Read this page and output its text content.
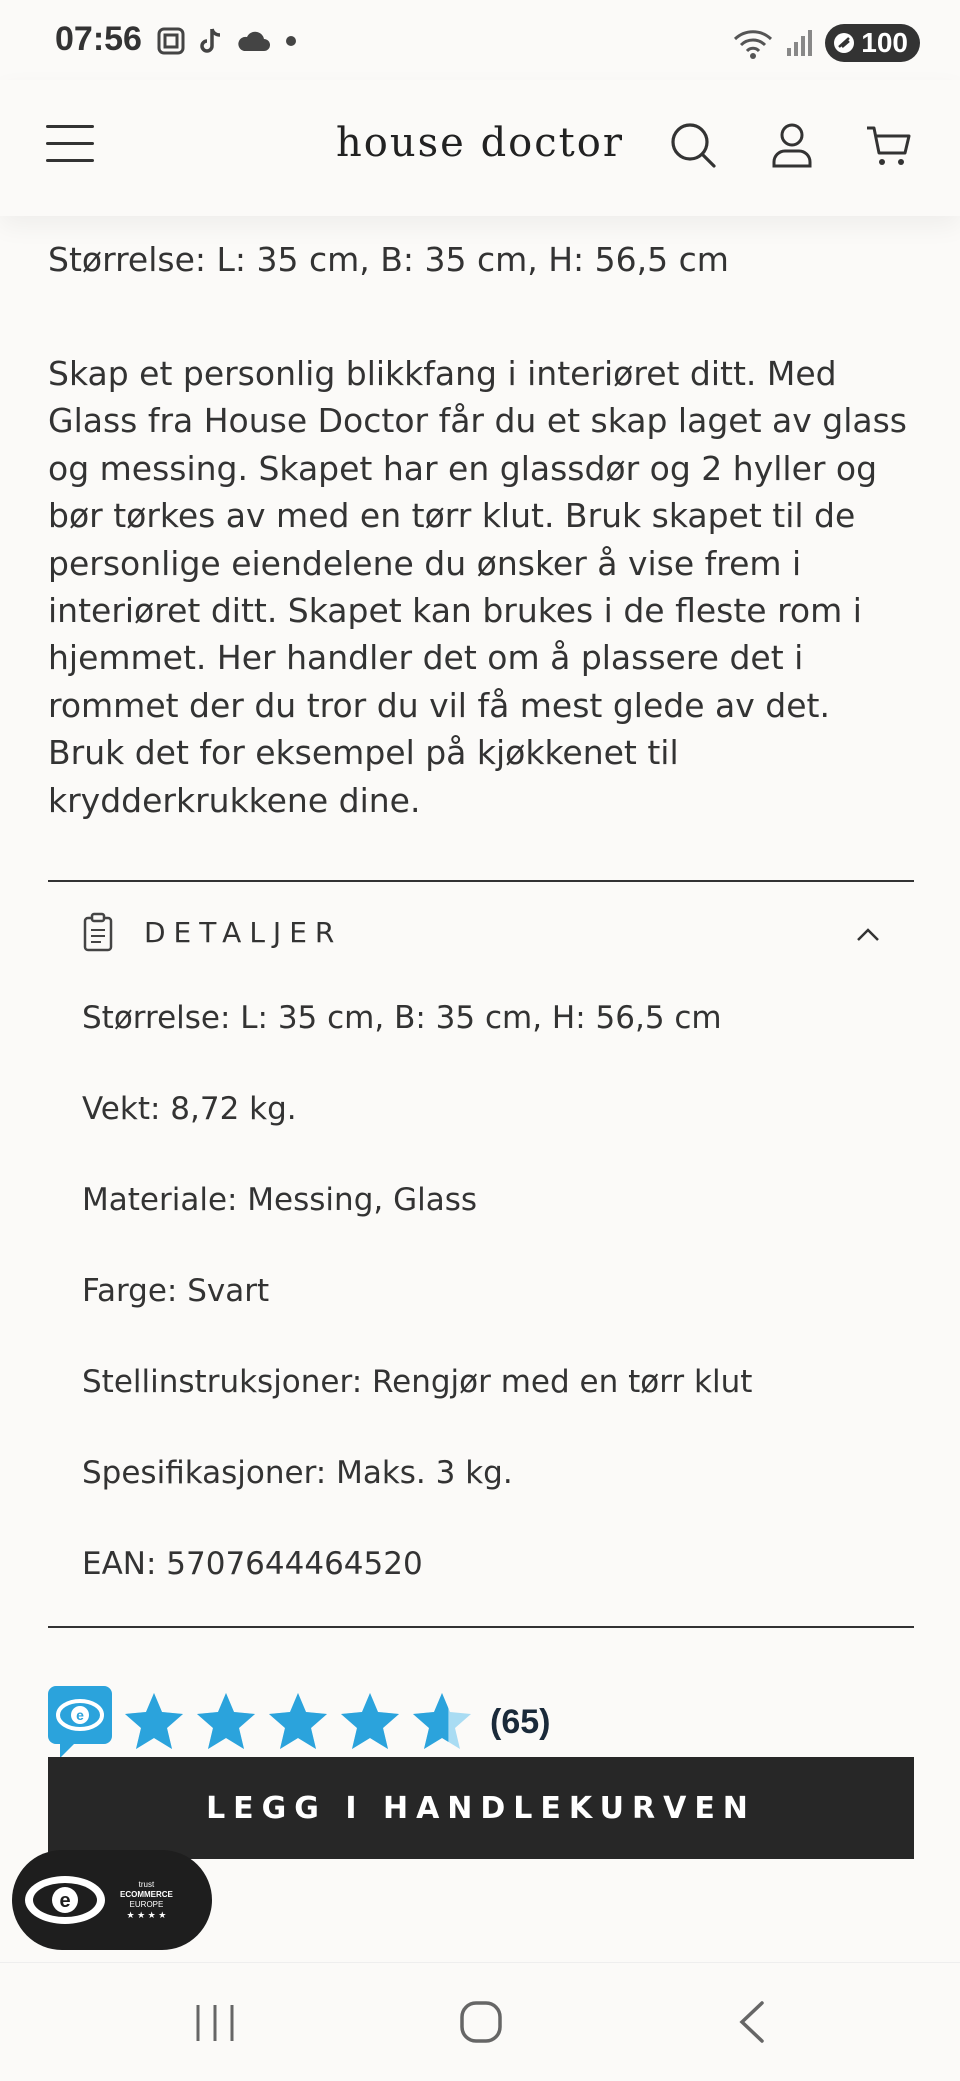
07:56	100
house doctor
Størrelse: L: 35 cm, B: 35 cm, H: 56,5 cm
Skap et personlig blikkfang i interiøret ditt. Med Glass fra House Doctor får du et skap laget av glass og messing. Skapet har en glassdør og 2 hyller og bør tørkes av med en tørr klut. Bruk skapet til de personlige eiendelene du ønsker å vise frem i interiøret ditt. Skapet kan brukes i de fleste rom i hjemmet. Her handler det om å plassere det i rommet der du tror du vil få mest glede av det. Bruk det for eksempel på kjøkkenet til krydderkrukkene dine.
DETALJER
Størrelse: L: 35 cm, B: 35 cm, H: 56,5 cm
Vekt: 8,72 kg.
Materiale: Messing, Glass
Farge: Svart
Stellinstruksjoner: Rengjør med en tørr klut
Spesifikasjoner: Maks. 3 kg.
EAN: 5707644464520
e	(65)
LEGG I HANDLEKURVEN
e
trust
ECOMMERCE
EUROPE
★ ★ ★ ★
